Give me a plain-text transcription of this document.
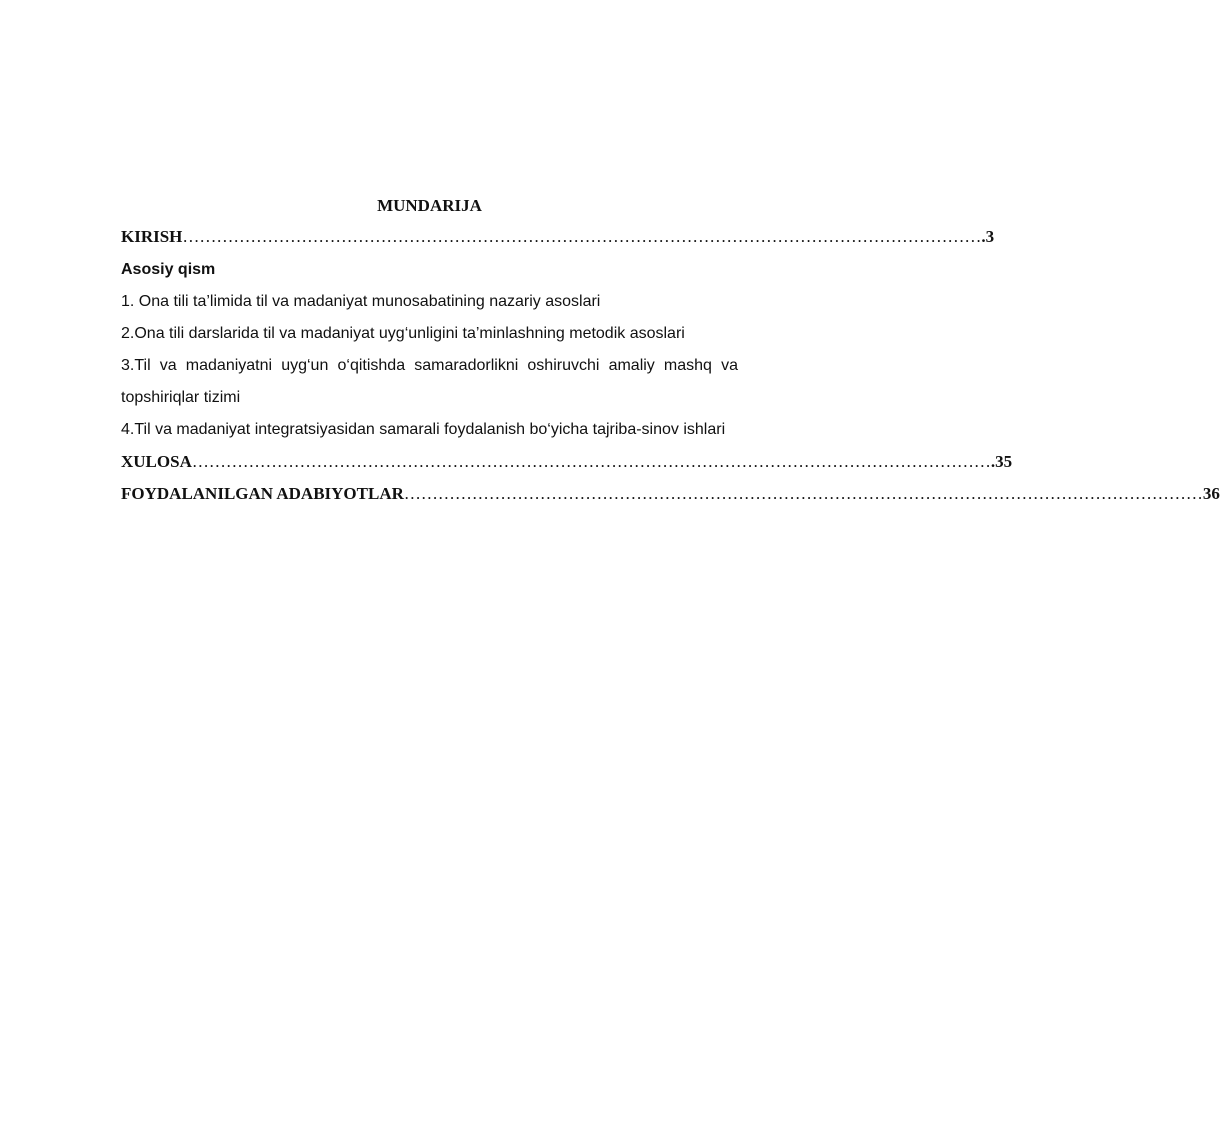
MUNDARIJA
KIRISH …………………………………………………………………………………………………………………………… .3
Asosiy qism
1. Ona tili ta’limida til va madaniyat munosabatining nazariy asoslari
2.Ona tili darslarida til va madaniyat uyg‘unligini ta’minlashning metodik asoslari
3.Til va madaniyatni uyg‘un o‘qitishda samaradorlikni oshiruvchi amaliy mashq va topshiriqlar tizimi
4.Til va madaniyat integratsiyasidan samarali foydalanish bo‘yicha tajriba-sinov ishlari
XULOSA …………………………………………………………………………………………………………………………… .35
FOYDALANILGAN ADABIYOTLAR …………………………………………………………………………………………………………………………… 36
